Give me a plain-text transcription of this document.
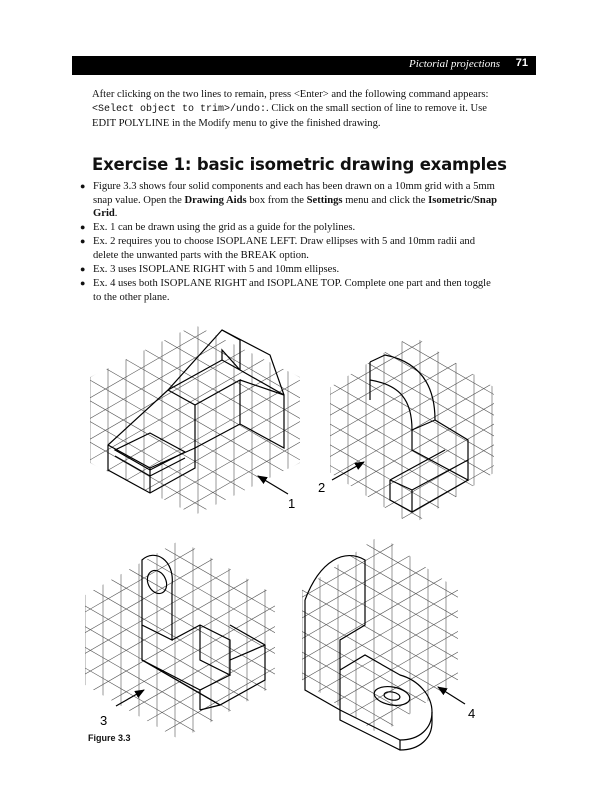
Pictorial projections 71

After clicking on the two lines to remain, press <Enter> and the following command appears: <Select object to trim>/undo:. Click on the small section of line to remove it. Use EDIT POLYLINE in the Modify menu to give the finished drawing.

Exercise 1: basic isometric drawing examples
● Figure 3.3 shows four solid components and each has been drawn on a 10mm grid with a 5mm snap value. Open the Drawing Aids box from the Settings menu and click the Isometric/Snap Grid.
● Ex. 1 can be drawn using the grid as a guide for the polylines.
● Ex. 2 requires you to choose ISOPLANE LEFT. Draw ellipses with 5 and 10mm radii and delete the unwanted parts with the BREAK option.
● Ex. 3 uses ISOPLANE RIGHT with 5 and 10mm ellipses.
● Ex. 4 uses both ISOPLANE RIGHT and ISOPLANE TOP. Complete one part and then toggle to the other plane.
1
2
3	4

Figure 3.3
